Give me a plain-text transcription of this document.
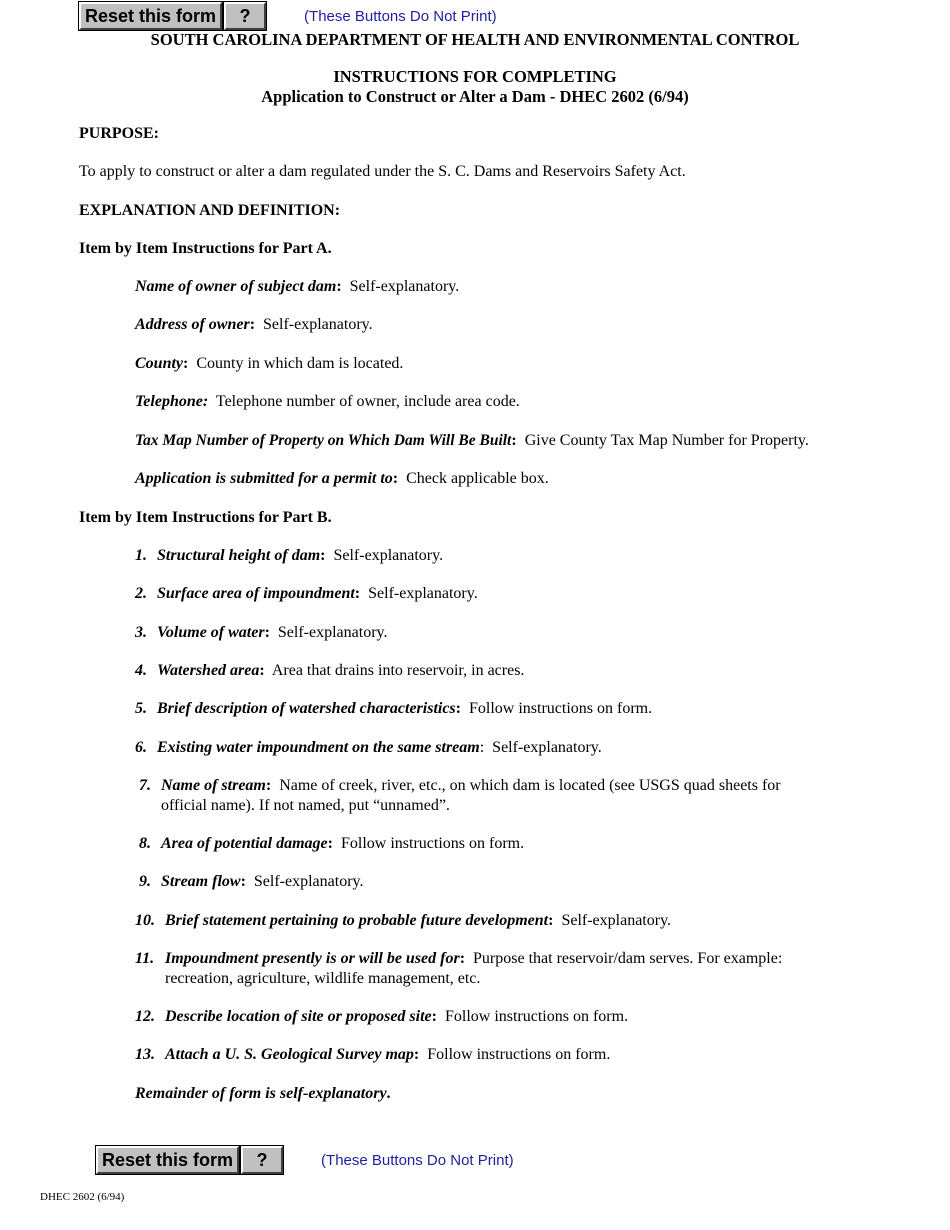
Reset this form	?	(These Buttons Do Not Print)
SOUTH CAROLINA DEPARTMENT OF HEALTH AND ENVIRONMENTAL CONTROL
INSTRUCTIONS FOR COMPLETING
Application to Construct or Alter a Dam - DHEC 2602 (6/94)
PURPOSE:
To apply to construct or alter a dam regulated under the S. C. Dams and Reservoirs Safety Act.
EXPLANATION AND DEFINITION:
Item by Item Instructions for Part A.
Name of owner of subject dam: Self-explanatory.
Address of owner: Self-explanatory.
County: County in which dam is located.
Telephone: Telephone number of owner, include area code.
Tax Map Number of Property on Which Dam Will Be Built: Give County Tax Map Number for Property.
Application is submitted for a permit to: Check applicable box.
Item by Item Instructions for Part B.
1. Structural height of dam: Self-explanatory.
2. Surface area of impoundment: Self-explanatory.
3. Volume of water: Self-explanatory.
4. Watershed area: Area that drains into reservoir, in acres.
5. Brief description of watershed characteristics: Follow instructions on form.
6. Existing water impoundment on the same stream: Self-explanatory.
7. Name of stream: Name of creek, river, etc., on which dam is located (see USGS quad sheets for
official name). If not named, put “unnamed”.
8. Area of potential damage: Follow instructions on form.
9. Stream flow: Self-explanatory.
10. Brief statement pertaining to probable future development: Self-explanatory.
11. Impoundment presently is or will be used for: Purpose that reservoir/dam serves. For example:
recreation, agriculture, wildlife management, etc.
12. Describe location of site or proposed site: Follow instructions on form.
13. Attach a U. S. Geological Survey map: Follow instructions on form.
Remainder of form is self-explanatory.
Reset this form	?	(These Buttons Do Not Print)
DHEC 2602 (6/94)
